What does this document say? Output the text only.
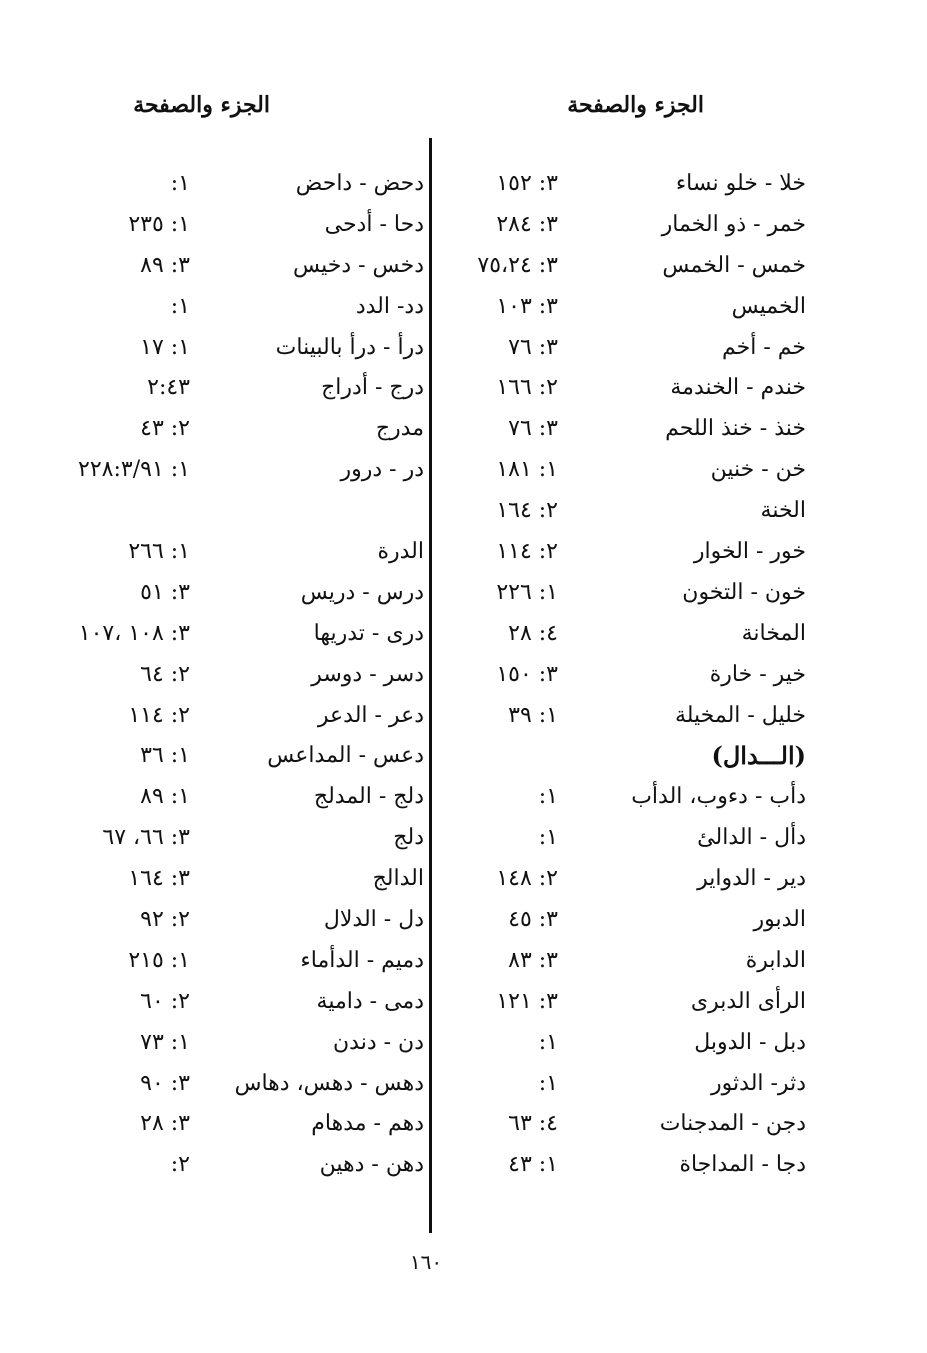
الجزء والصفحة
الجزء والصفحة
خلا - خلو نساء
٣: ١٥٢
خمر - ذو الخمار
٣: ٢٨٤
خمس - الخمس
٣: ٧٥،٢٤
الخميس
٣: ١٠٣
خم - أخم
٣: ٧٦
خندم - الخندمة
٢: ١٦٦
خنذ - خنذ اللحم
٣: ٧٦
خن - خنين
١: ١٨١
الخنة
٢: ١٦٤
خور - الخوار
٢: ١١٤
خون - التخون
١: ٢٢٦
المخانة
٤: ٢٨
خير - خارة
٣: ١٥٠
خليل - المخيلة
١: ٣٩
(الـــدال)
دأب - دءوب، الدأب
١:
دأل - الدالئ
١:
دير - الدواير
٢: ١٤٨
الدبور
٣: ٤٥
الدابرة
٣: ٨٣
الرأى الدبرى
٣: ١٢١
دبل - الدوبل
١:
دثر- الدثور
١:
دجن - المدجنات
٤: ٦٣
دجا - المداجاة
١: ٤٣
دحض - داحض
١:
دحا - أدحى
١: ٢٣٥
دخس - دخيس
٣: ٨٩
دد- الدد
١:
درأ - درأ بالبينات
١: ١٧
درج - أدراج
٢:٤٣
مدرج
٢: ٤٣
در - درور
١: ٢٢٨:٣/٩١
الدرة
١: ٢٦٦
درس - دريس
٣: ٥١
درى - تدريها
٣: ١٠٨ ،١٠٧
دسر - دوسر
٢: ٦٤
دعر - الدعر
٢: ١١٤
دعس - المداعس
١: ٣٦
دلج - المدلج
١: ٨٩
دلج
٣: ٦٦، ٦٧
الدالج
٣: ١٦٤
دل - الدلال
٢: ٩٢
دميم - الدأماء
١: ٢١٥
دمى - دامية
٢: ٦٠
دن - دندن
١: ٧٣
دهس - دهس، دهاس
٣: ٩٠
دهم - مدهام
٣: ٢٨
دهن - دهين
٢:
١٦٠
